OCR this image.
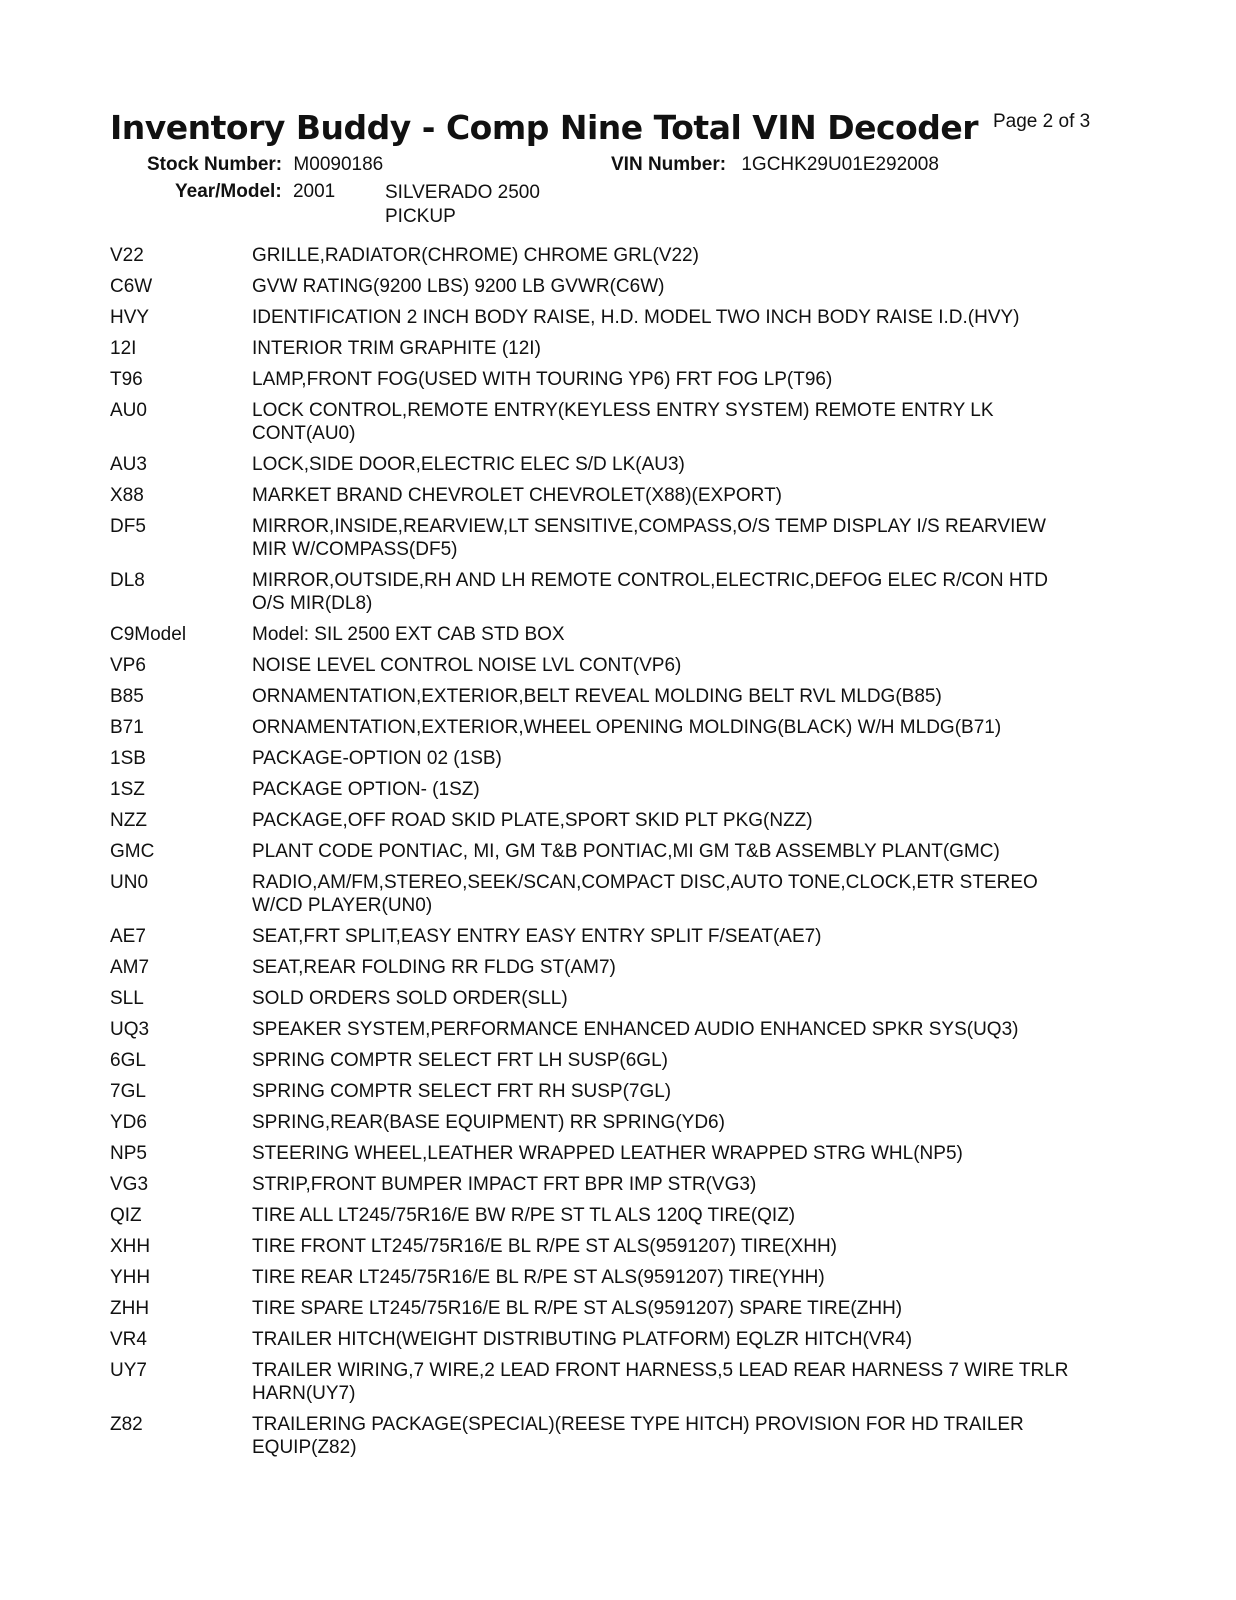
Inventory Buddy - Comp Nine Total VIN Decoder Page 2 of 3
Stock Number: M0090186	VIN Number: 1GCHK29U01E292008
Year/Model: 2001	SILVERADO 2500
PICKUP
V22	GRILLE,RADIATOR(CHROME) CHROME GRL(V22)
C6W	GVW RATING(9200 LBS) 9200 LB GVWR(C6W)
HVY	IDENTIFICATION 2 INCH BODY RAISE, H.D. MODEL TWO INCH BODY RAISE I.D.(HVY)
12I	INTERIOR TRIM GRAPHITE (12I)
T96	LAMP,FRONT FOG(USED WITH TOURING YP6) FRT FOG LP(T96)
AU0	LOCK CONTROL,REMOTE ENTRY(KEYLESS ENTRY SYSTEM) REMOTE ENTRY LK
CONT(AU0)
AU3	LOCK,SIDE DOOR,ELECTRIC ELEC S/D LK(AU3)
X88	MARKET BRAND CHEVROLET CHEVROLET(X88)(EXPORT)
DF5	MIRROR,INSIDE,REARVIEW,LT SENSITIVE,COMPASS,O/S TEMP DISPLAY I/S REARVIEW
MIR W/COMPASS(DF5)
DL8	MIRROR,OUTSIDE,RH AND LH REMOTE CONTROL,ELECTRIC,DEFOG ELEC R/CON HTD
O/S MIR(DL8)
C9Model	Model: SIL 2500 EXT CAB STD BOX
VP6	NOISE LEVEL CONTROL NOISE LVL CONT(VP6)
B85	ORNAMENTATION,EXTERIOR,BELT REVEAL MOLDING BELT RVL MLDG(B85)
B71	ORNAMENTATION,EXTERIOR,WHEEL OPENING MOLDING(BLACK) W/H MLDG(B71)
1SB	PACKAGE-OPTION 02 (1SB)
1SZ	PACKAGE OPTION- (1SZ)
NZZ	PACKAGE,OFF ROAD SKID PLATE,SPORT SKID PLT PKG(NZZ)
GMC	PLANT CODE PONTIAC, MI, GM T&B PONTIAC,MI GM T&B ASSEMBLY PLANT(GMC)
UN0	RADIO,AM/FM,STEREO,SEEK/SCAN,COMPACT DISC,AUTO TONE,CLOCK,ETR STEREO
W/CD PLAYER(UN0)
AE7	SEAT,FRT SPLIT,EASY ENTRY EASY ENTRY SPLIT F/SEAT(AE7)
AM7	SEAT,REAR FOLDING RR FLDG ST(AM7)
SLL	SOLD ORDERS SOLD ORDER(SLL)
UQ3	SPEAKER SYSTEM,PERFORMANCE ENHANCED AUDIO ENHANCED SPKR SYS(UQ3)
6GL	SPRING COMPTR SELECT FRT LH SUSP(6GL)
7GL	SPRING COMPTR SELECT FRT RH SUSP(7GL)
YD6	SPRING,REAR(BASE EQUIPMENT) RR SPRING(YD6)
NP5	STEERING WHEEL,LEATHER WRAPPED LEATHER WRAPPED STRG WHL(NP5)
VG3	STRIP,FRONT BUMPER IMPACT FRT BPR IMP STR(VG3)
QIZ	TIRE ALL LT245/75R16/E BW R/PE ST TL ALS 120Q TIRE(QIZ)
XHH	TIRE FRONT LT245/75R16/E BL R/PE ST ALS(9591207) TIRE(XHH)
YHH	TIRE REAR LT245/75R16/E BL R/PE ST ALS(9591207) TIRE(YHH)
ZHH	TIRE SPARE LT245/75R16/E BL R/PE ST ALS(9591207) SPARE TIRE(ZHH)
VR4	TRAILER HITCH(WEIGHT DISTRIBUTING PLATFORM) EQLZR HITCH(VR4)
UY7	TRAILER WIRING,7 WIRE,2 LEAD FRONT HARNESS,5 LEAD REAR HARNESS 7 WIRE TRLR
HARN(UY7)
Z82	TRAILERING PACKAGE(SPECIAL)(REESE TYPE HITCH) PROVISION FOR HD TRAILER
EQUIP(Z82)
